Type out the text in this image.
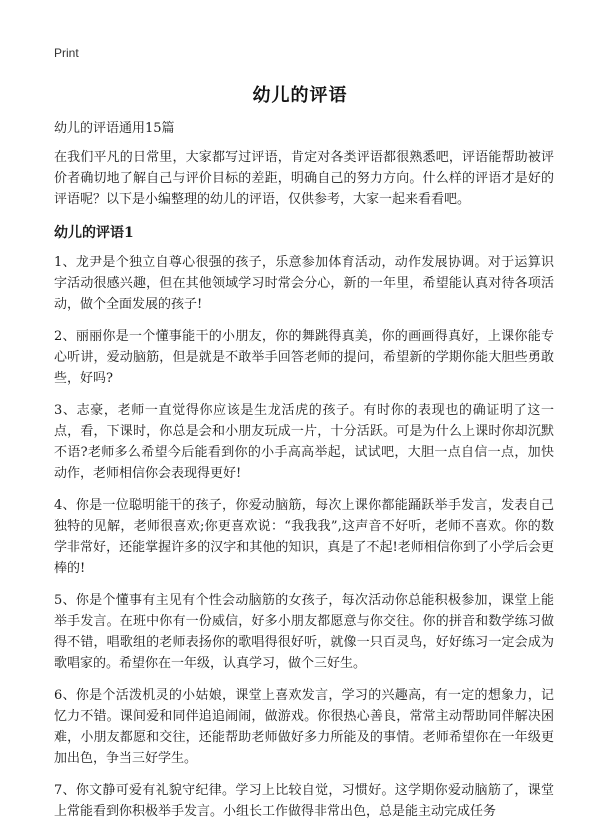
Print
幼儿的评语

幼儿的评语通用15篇

在我们平凡的日常里，大家都写过评语，肯定对各类评语都很熟悉吧，评语能帮助被评价者确切地了解自己与评价目标的差距，明确自己的努力方向。什么样的评语才是好的评语呢？以下是小编整理的幼儿的评语，仅供参考，大家一起来看看吧。

幼儿的评语1

1、龙尹是个独立自尊心很强的孩子，乐意参加体育活动，动作发展协调。对于运算识字活动很感兴趣，但在其他领域学习时常会分心，新的一年里，希望能认真对待各项活动，做个全面发展的孩子!

2、丽丽你是一个懂事能干的小朋友，你的舞跳得真美，你的画画得真好，上课你能专心听讲，爱动脑筋，但是就是不敢举手回答老师的提问，希望新的学期你能大胆些勇敢些，好吗?

3、志豪，老师一直觉得你应该是生龙活虎的孩子。有时你的表现也的确证明了这一点，看，下课时，你总是会和小朋友玩成一片，十分活跃。可是为什么上课时你却沉默不语?老师多么希望今后能看到你的小手高高举起，试试吧，大胆一点自信一点，加快动作，老师相信你会表现得更好!

4、你是一位聪明能干的孩子，你爱动脑筋，每次上课你都能踊跃举手发言，发表自己独特的见解，老师很喜欢;你更喜欢说：“我我我”,这声音不好听，老师不喜欢。你的数学非常好，还能掌握许多的汉字和其他的知识，真是了不起!老师相信你到了小学后会更棒的!

5、你是个懂事有主见有个性会动脑筋的女孩子，每次活动你总能积极参加，课堂上能举手发言。在班中你有一份威信，好多小朋友都愿意与你交往。你的拼音和数学练习做得不错，唱歌组的老师表扬你的歌唱得很好听，就像一只百灵鸟，好好练习一定会成为歌唱家的。希望你在一年级，认真学习，做个三好生。

6、你是个活泼机灵的小姑娘，课堂上喜欢发言，学习的兴趣高，有一定的想象力，记忆力不错。课间爱和同伴追追闹闹，做游戏。你很热心善良，常常主动帮助同伴解决困难，小朋友都愿和交往，还能帮助老师做好多力所能及的事情。老师希望你在一年级更加出色，争当三好学生。

7、你文静可爱有礼貌守纪律。学习上比较自觉，习惯好。这学期你爱动脑筋了，课堂上常能看到你积极举手发言。小组长工作做得非常出色，总是能主动完成任务
